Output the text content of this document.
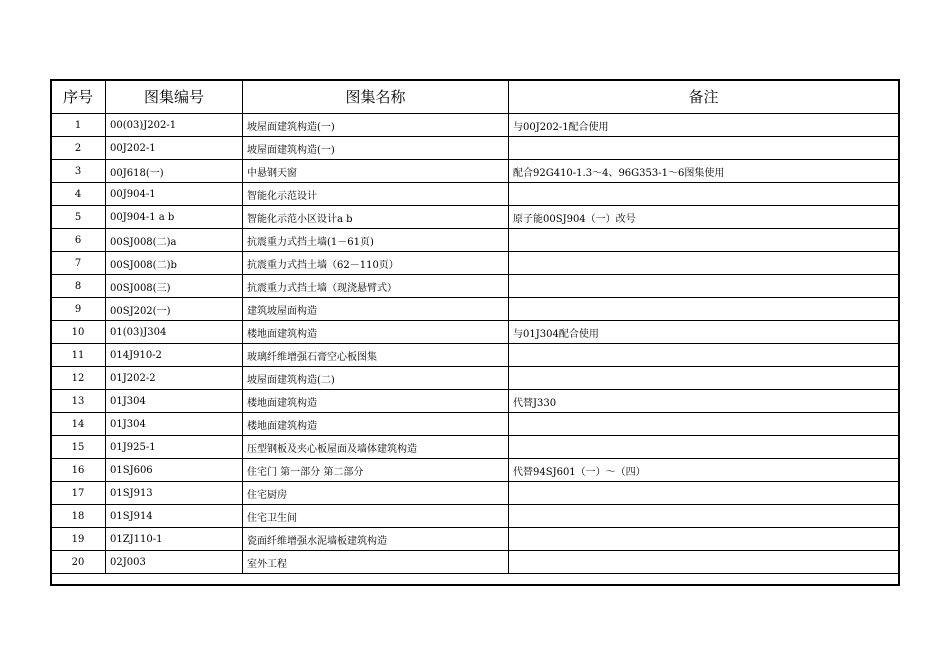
序号	图集编号	图集名称	备注
1	00(03)J202-1	坡屋面建筑构造(一)	与00J202-1配合使用
2	00J202-1	坡屋面建筑构造(一)	
3	00J618(一)	中悬钢天窗	配合92G410-1.3～4、96G353-1～6图集使用
4	00J904-1	智能化示范设计	
5	00J904-1 a b	智能化示范小区设计a b	原子能00SJ904（一）改号
6	00SJ008(二)a	抗震重力式挡土墙(1－61页)	
7	00SJ008(二)b	抗震重力式挡土墙（62－110页）	
8	00SJ008(三)	抗震重力式挡土墙（现浇悬臂式）	
9	00SJ202(一)	建筑坡屋面构造	
10	01(03)J304	楼地面建筑构造	与01J304配合使用
11	014J910-2	玻璃纤维增强石膏空心板图集	
12	01J202-2	坡屋面建筑构造(二)	
13	01J304	楼地面建筑构造	代替J330
14	01J304	楼地面建筑构造	
15	01J925-1	压型钢板及夹心板屋面及墙体建筑构造	
16	01SJ606	住宅门 第一部分 第二部分	代替94SJ601（一）～（四）
17	01SJ913	住宅厨房	
18	01SJ914	住宅卫生间	
19	01ZJ110-1	瓷面纤维增强水泥墙板建筑构造	
20	02J003	室外工程	
